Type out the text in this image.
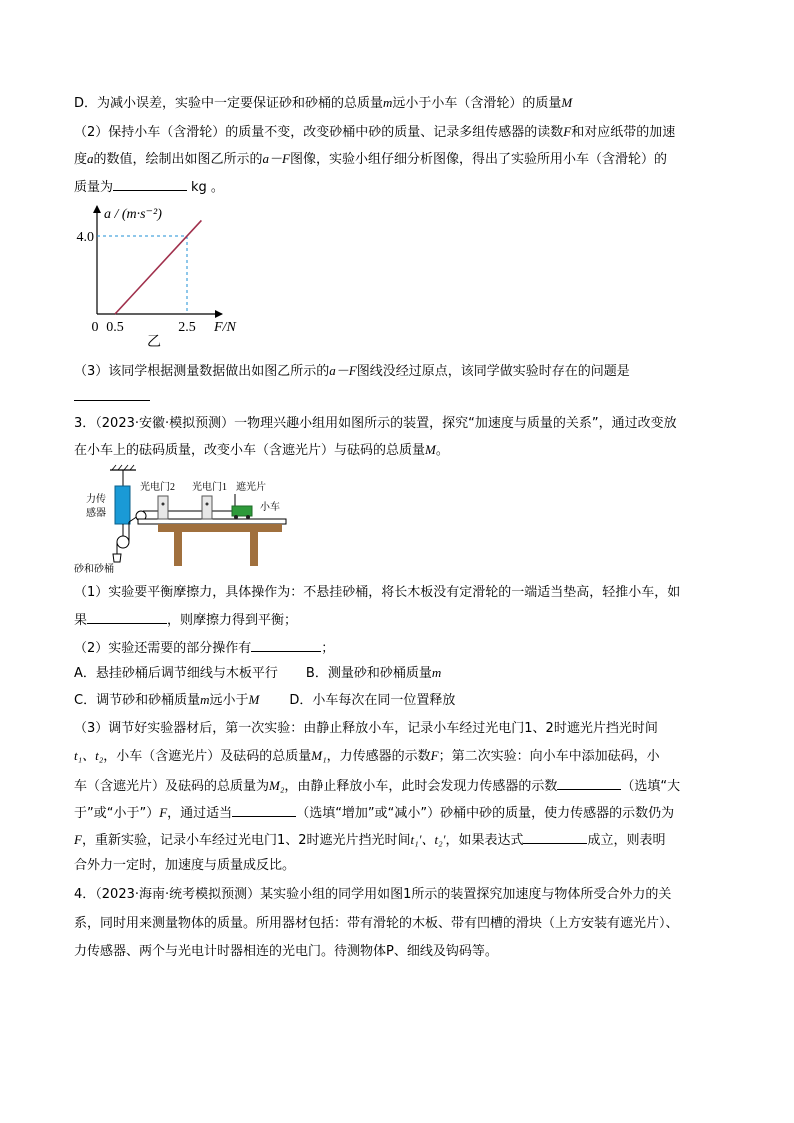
D．为减小误差，实验中一定要保证砂和砂桶的总质量m远小于小车（含滑轮）的质量M
（2）保持小车（含滑轮）的质量不变，改变砂桶中砂的质量、记录多组传感器的读数F和对应纸带的加速
度a的数值，绘制出如图乙所示的a－F图像，实验小组仔细分析图像，得出了实验所用小车（含滑轮）的
质量为	kg 。
a / (m·s⁻²)
4.0
0 0.5	2.5 F/N
乙
（3）该同学根据测量数据做出如图乙所示的a－F图线没经过原点，该同学做实验时存在的问题是
3．（2023·安徽·模拟预测）一物理兴趣小组用如图所示的装置，探究“加速度与质量的关系”，通过改变放
在小车上的砝码质量，改变小车（含遮光片）与砝码的总质量M。
力传
感器
砂和砂桶
光电门2 光电门1 遮光片
小车
（1）实验要平衡摩擦力，具体操作为：不悬挂砂桶，将长木板没有定滑轮的一端适当垫高，轻推小车，如
果	，则摩擦力得到平衡；
（2）实验还需要的部分操作有	；
A．悬挂砂桶后调节细线与木板平行 B．测量砂和砂桶质量m
C．调节砂和砂桶质量m远小于M D．小车每次在同一位置释放
（3）调节好实验器材后，第一次实验：由静止释放小车，记录小车经过光电门1、2时遮光片挡光时间
t₁、t₂，小车（含遮光片）及砝码的总质量M₁，力传感器的示数F；第二次实验：向小车中添加砝码，小
车（含遮光片）及砝码的总质量为M₂，由静止释放小车，此时会发现力传感器的示数	（选填“大
于”或“小于”）F，通过适当	（选填“增加”或“减小”）砂桶中砂的质量，使力传感器的示数仍为
F，重新实验，记录小车经过光电门1、2时遮光片挡光时间t₁′、t₂′，如果表达式	成立，则表明
合外力一定时，加速度与质量成反比。
4．（2023·海南·统考模拟预测）某实验小组的同学用如图1所示的装置探究加速度与物体所受合外力的关
系，同时用来测量物体的质量。所用器材包括：带有滑轮的木板、带有凹槽的滑块（上方安装有遮光片）、
力传感器、两个与光电计时器相连的光电门。待测物体P、细线及钩码等。
